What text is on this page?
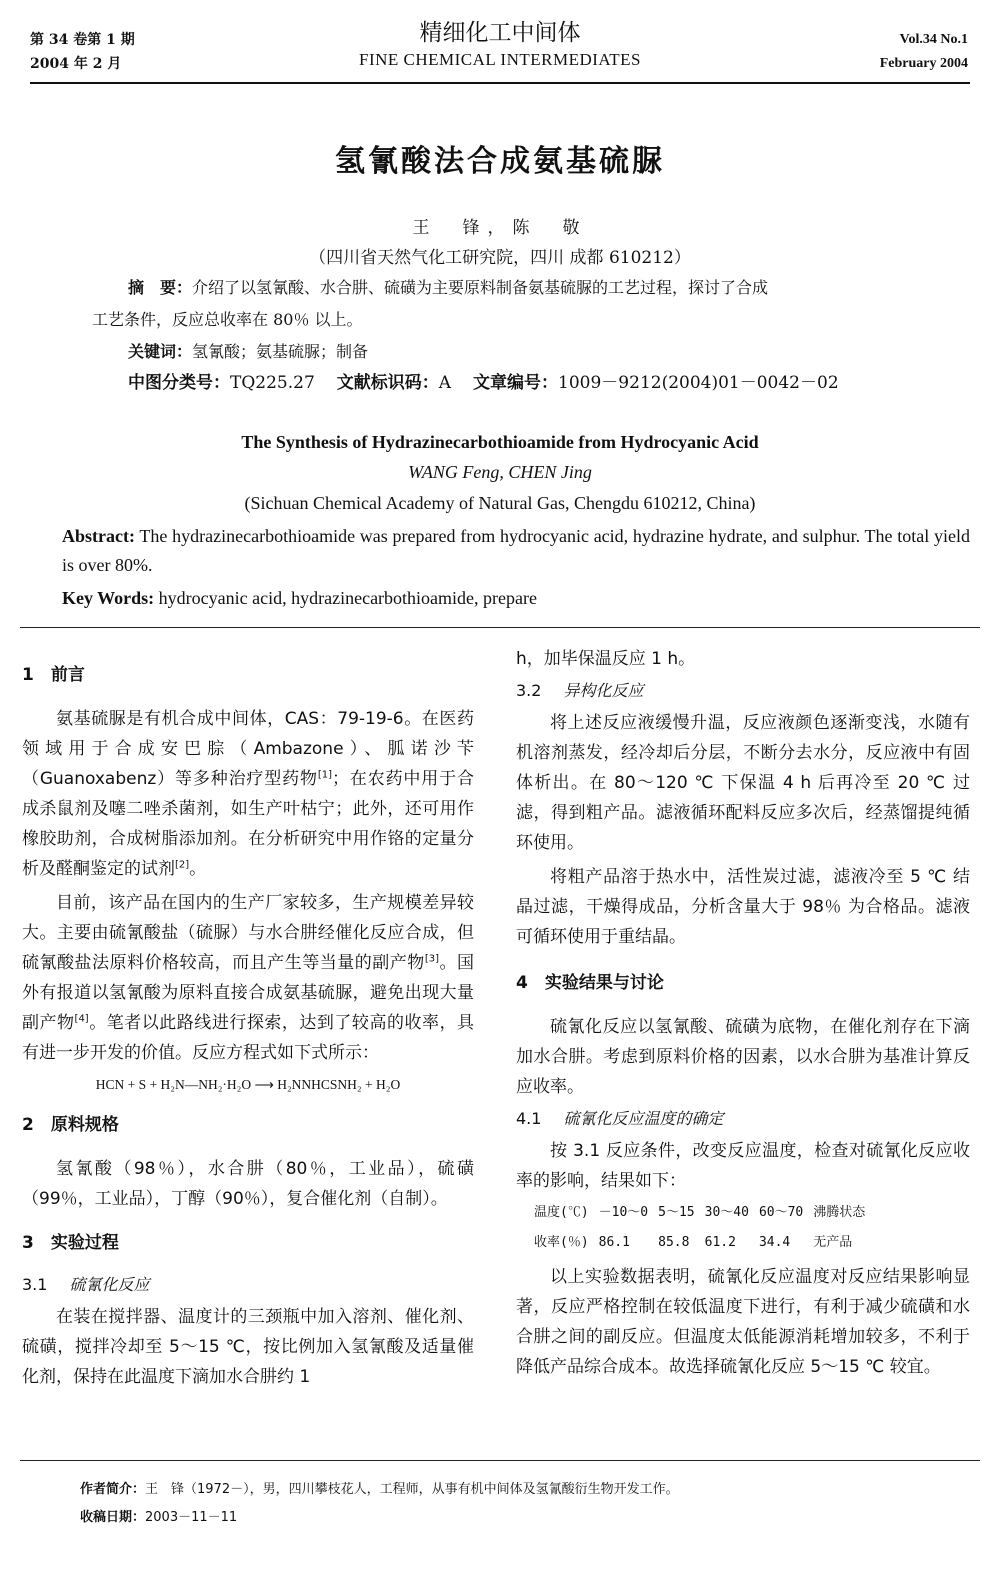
第 34 卷第 1 期
2004 年 2 月
精细化工中间体
FINE CHEMICAL INTERMEDIATES
Vol.34 No.1
February 2004
氢氰酸法合成氨基硫脲
王　锋，陈　敬
（四川省天然气化工研究院，四川 成都 610212）
摘　要：介绍了以氢氰酸、水合肼、硫磺为主要原料制备氨基硫脲的工艺过程，探讨了合成
工艺条件，反应总收率在 80％ 以上。
关键词：氢氰酸；氨基硫脲；制备
中图分类号：TQ225.27 文献标识码：A 文章编号：1009－9212(2004)01－0042－02
The Synthesis of Hydrazinecarbothioamide from Hydrocyanic Acid
WANG Feng, CHEN Jing
(Sichuan Chemical Academy of Natural Gas, Chengdu 610212, China)
Abstract: The hydrazinecarbothioamide was prepared from hydrocyanic acid, hydrazine hydrate, and sulphur. The total yield is over 80%.
Key Words: hydrocyanic acid, hydrazinecarbothioamide, prepare
1　前言

氨基硫脲是有机合成中间体，CAS：79-19-6。在医药领域用于合成安巴腙（Ambazone）、胍诺沙苄（Guanoxabenz）等多种治疗型药物[1]；在农药中用于合成杀鼠剂及噻二唑杀菌剂，如生产叶枯宁；此外，还可用作橡胶助剂，合成树脂添加剂。在分析研究中用作铬的定量分析及醛酮鉴定的试剂[2]。

目前，该产品在国内的生产厂家较多，生产规模差异较大。主要由硫氰酸盐（硫脲）与水合肼经催化反应合成，但硫氰酸盐法原料价格较高，而且产生等当量的副产物[3]。国外有报道以氢氰酸为原料直接合成氨基硫脲，避免出现大量副产物[4]。笔者以此路线进行探索，达到了较高的收率，具有进一步开发的价值。反应方程式如下式所示：

HCN + S + H₂N—NH₂·H₂O ⟶ H₂NNHCSNH₂ + H₂O
2　原料规格

氢氰酸（98％），水合肼（80％，工业品），硫磺（99％，工业品），丁醇（90％），复合催化剂（自制）。

3　实验过程
3.1 硫氰化反应

在装在搅拌器、温度计的三颈瓶中加入溶剂、催化剂、硫磺，搅拌冷却至 5～15 ℃，按比例加入氢氰酸及适量催化剂，保持在此温度下滴加水合肼约 1

h，加毕保温反应 1 h。

3.2 异构化反应

将上述反应液缓慢升温，反应液颜色逐渐变浅，水随有机溶剂蒸发，经冷却后分层，不断分去水分，反应液中有固体析出。在 80～120 ℃ 下保温 4 h 后再冷至 20 ℃ 过滤，得到粗产品。滤液循环配料反应多次后，经蒸馏提纯循环使用。

将粗产品溶于热水中，活性炭过滤，滤液冷至 5 ℃ 结晶过滤，干燥得成品，分析含量大于 98％ 为合格品。滤液可循环使用于重结晶。

4　实验结果与讨论

硫氰化反应以氢氰酸、硫磺为底物，在催化剂存在下滴加水合肼。考虑到原料价格的因素，以水合肼为基准计算反应收率。

4.1 硫氰化反应温度的确定

按 3.1 反应条件，改变反应温度，检查对硫氰化反应收率的影响，结果如下：

温度(℃)	－10～0	5～15	30～40	60～70	沸腾状态
收率(％)	86.1	85.8	61.2	34.4	无产品

以上实验数据表明，硫氰化反应温度对反应结果影响显著，反应严格控制在较低温度下进行，有利于减少硫磺和水合肼之间的副反应。但温度太低能源消耗增加较多，不利于降低产品综合成本。故选择硫氰化反应 5～15 ℃ 较宜。

作者简介：王　锋（1972－），男，四川攀枝花人，工程师，从事有机中间体及氢氰酸衍生物开发工作。
收稿日期：2003－11－11
